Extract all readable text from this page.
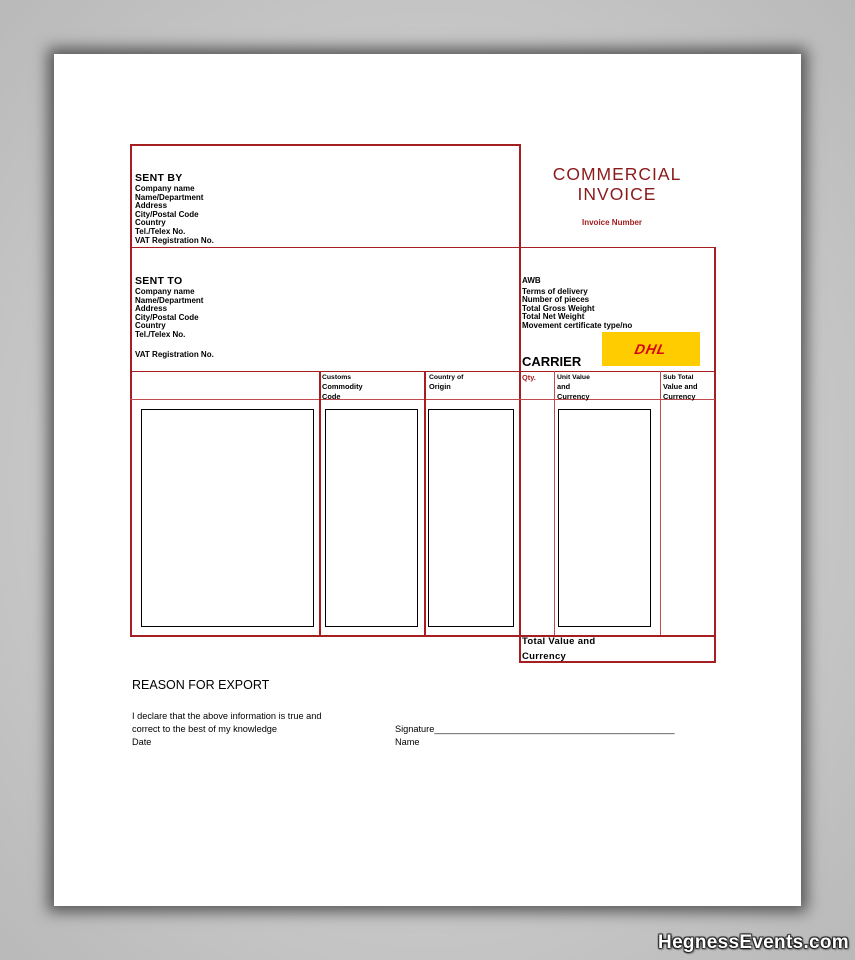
COMMERCIAL
INVOICE
Invoice Number
SENT BY
Company name
Name/Department
Address
City/Postal Code
Country
Tel./Telex No.
VAT Registration No.
SENT TO
Company name
Name/Department
Address
City/Postal Code
Country
Tel./Telex No.
VAT Registration No.
AWB
Terms of delivery
Number of pieces
Total Gross Weight
Total Net Weight
Movement certificate type/no
CARRIER
DHL
Customs
Commodity
Code
Country of
Origin
Qty.	Unit Value
and
Currency
Sub Total
Value and
Currency
Total Value and
Currency
REASON FOR EXPORT
I declare that the above information is true and
correct to the best of my knowledge
Date
Signature_______________________________________________
Name
HegnessEvents.com
